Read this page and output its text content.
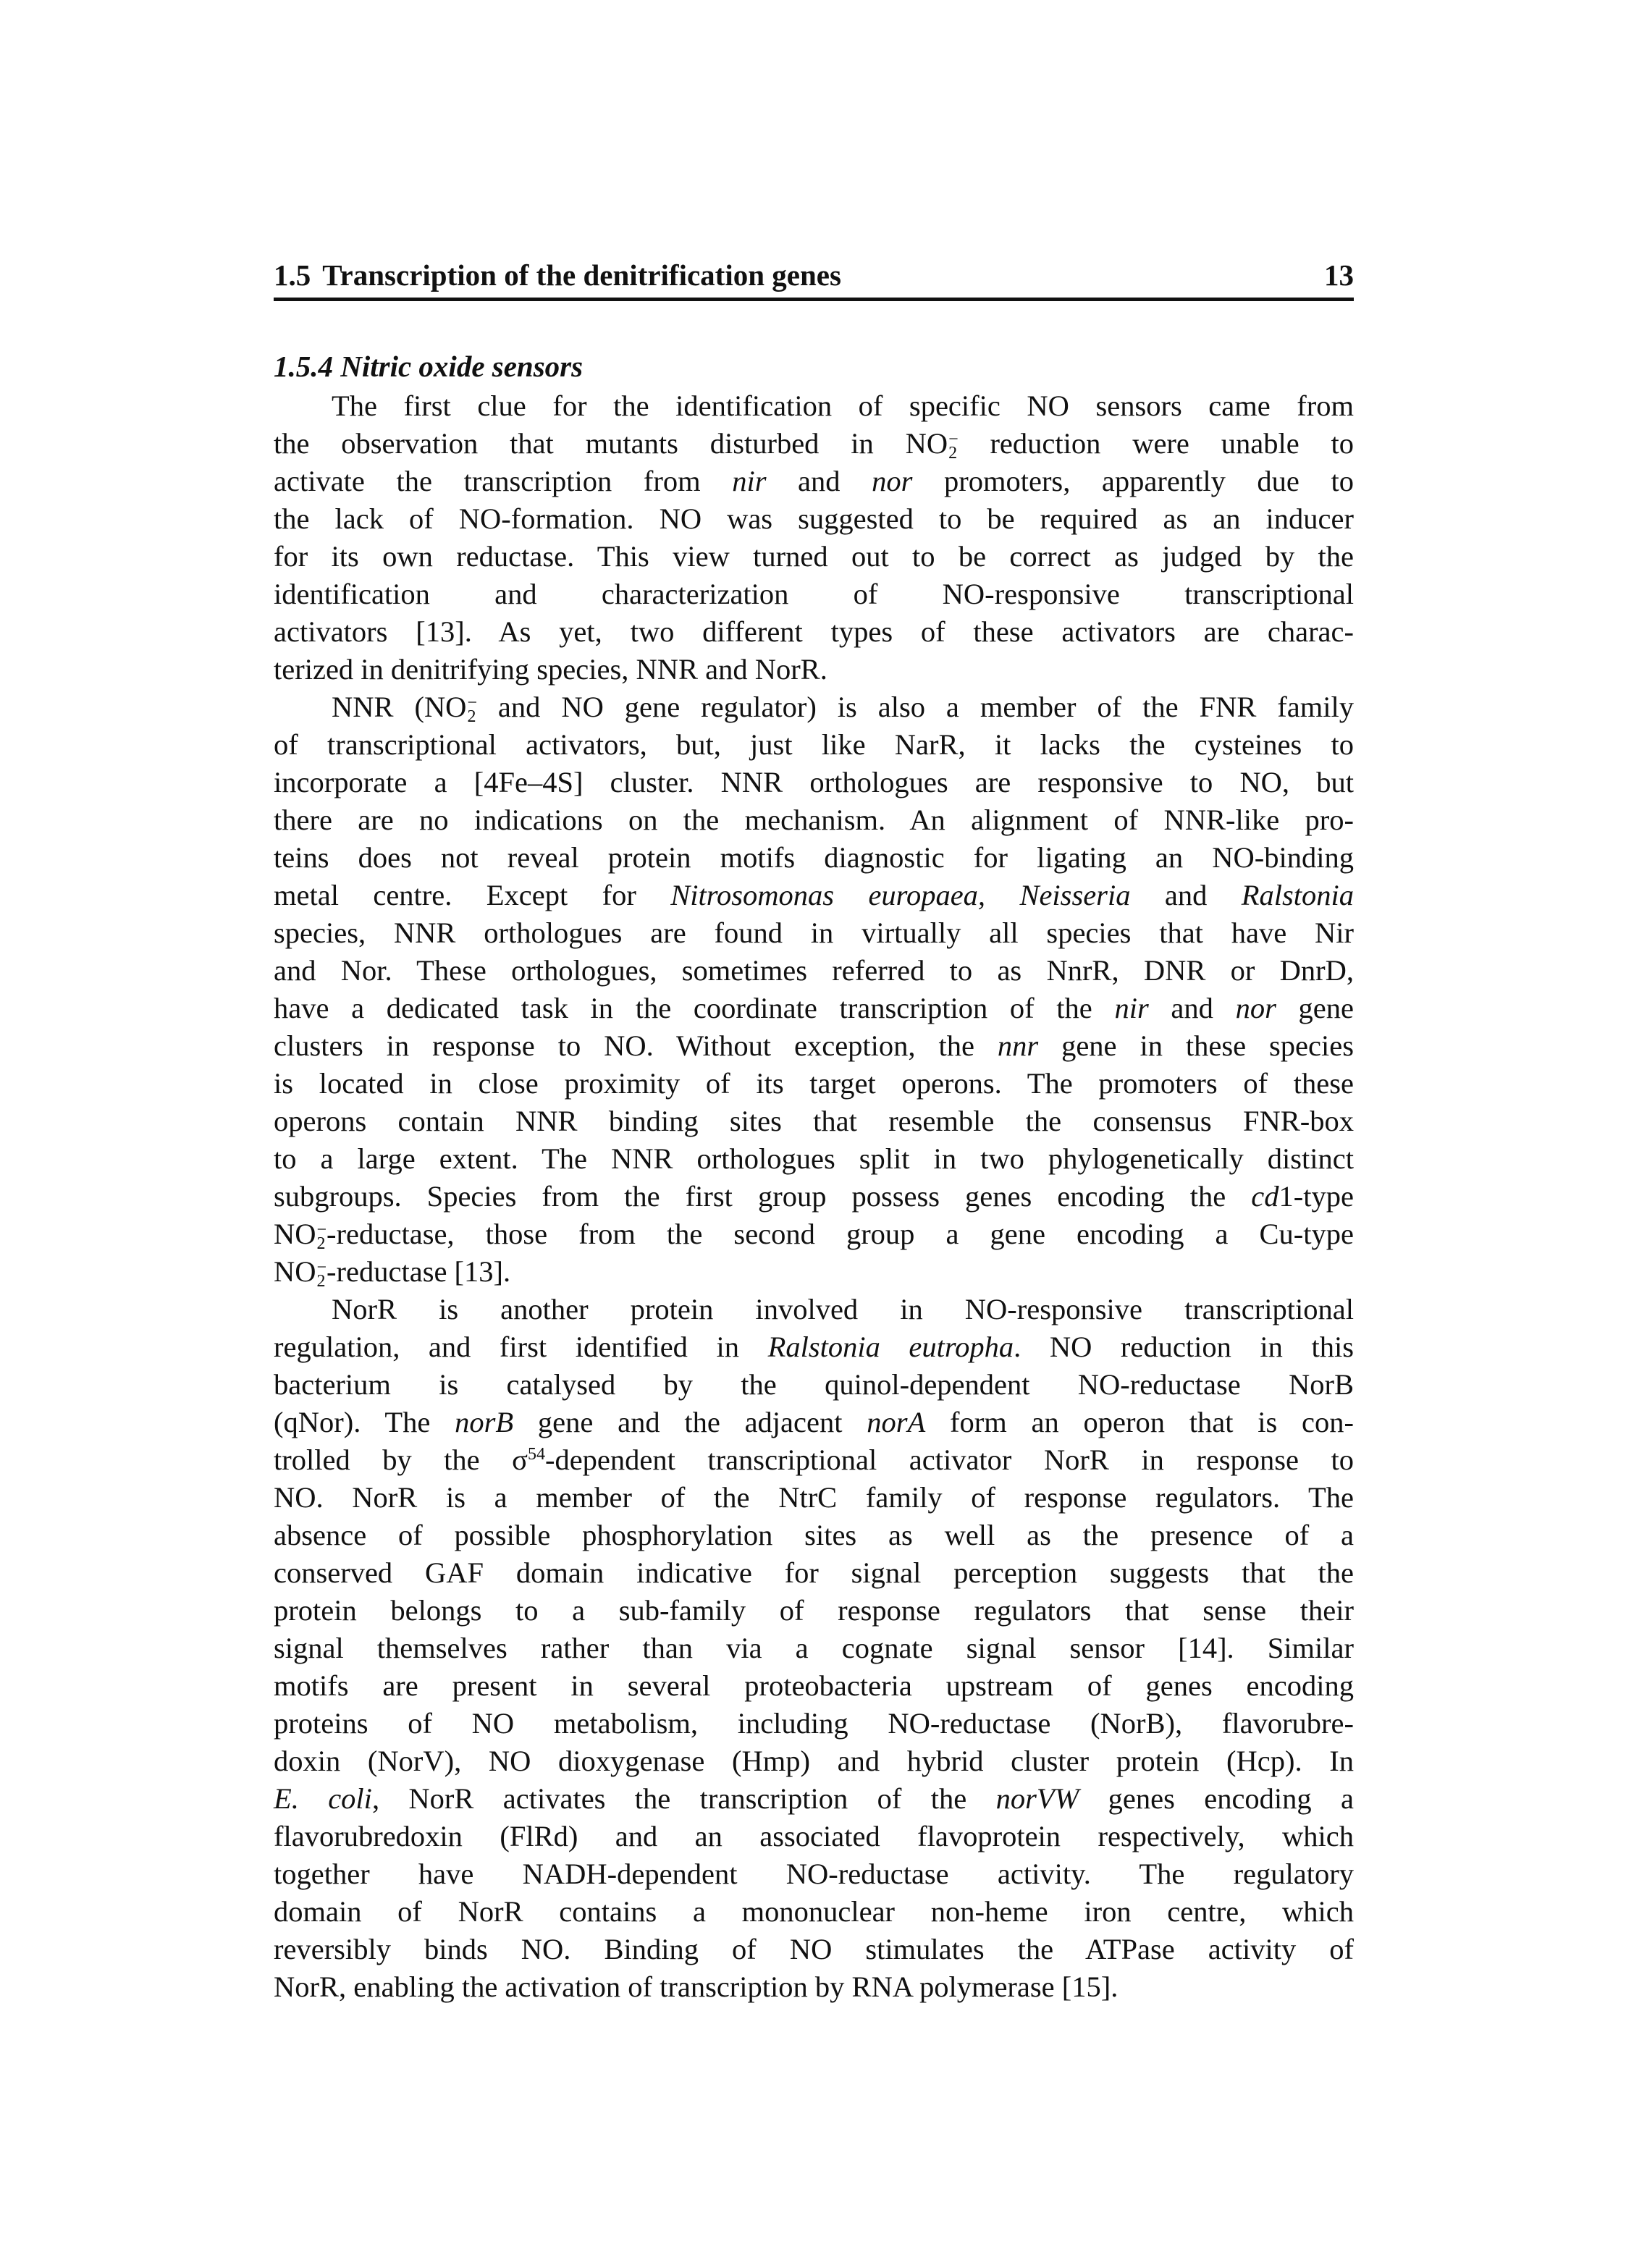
1.5 Transcription of the denitrification genes	13
1.5.4 Nitric oxide sensors
The first clue for the identification of specific NO sensors came from
the observation that mutants disturbed in NO −
2 reduction were unable to
activate the transcription from nir and nor promoters, apparently due to
the lack of NO-formation. NO was suggested to be required as an inducer
for its own reductase. This view turned out to be correct as judged by the
identification and characterization of NO-responsive transcriptional
activators [13]. As yet, two different types of these activators are charac-
terized in denitrifying species, NNR and NorR.
NNR (NO −
2 and NO gene regulator) is also a member of the FNR family
of transcriptional activators, but, just like NarR, it lacks the cysteines to
incorporate a [4Fe–4S] cluster. NNR orthologues are responsive to NO, but
there are no indications on the mechanism. An alignment of NNR-like pro-
teins does not reveal protein motifs diagnostic for ligating an NO-binding
metal centre. Except for Nitrosomonas europaea, Neisseria and Ralstonia
species, NNR orthologues are found in virtually all species that have Nir
and Nor. These orthologues, sometimes referred to as NnrR, DNR or DnrD,
have a dedicated task in the coordinate transcription of the nir and nor gene
clusters in response to NO. Without exception, the nnr gene in these species
is located in close proximity of its target operons. The promoters of these
operons contain NNR binding sites that resemble the consensus FNR-box
to a large extent. The NNR orthologues split in two phylogenetically distinct
subgroups. Species from the first group possess genes encoding the cd1-type
NO −
2 -reductase, those from the second group a gene encoding a Cu-type
NO −
2 -reductase [13].
NorR is another protein involved in NO-responsive transcriptional
regulation, and first identified in Ralstonia eutropha. NO reduction in this
bacterium is catalysed by the quinol-dependent NO-reductase NorB
(qNor). The norB gene and the adjacent norA form an operon that is con-
trolled by the $\sigma^{54}$-dependent transcriptional activator NorR in response to
NO. NorR is a member of the NtrC family of response regulators. The
absence of possible phosphorylation sites as well as the presence of a
conserved GAF domain indicative for signal perception suggests that the
protein belongs to a sub-family of response regulators that sense their
signal themselves rather than via a cognate signal sensor [14]. Similar
motifs are present in several proteobacteria upstream of genes encoding
proteins of NO metabolism, including NO-reductase (NorB), flavorubre-
doxin (NorV), NO dioxygenase (Hmp) and hybrid cluster protein (Hcp). In
E. coli, NorR activates the transcription of the norVW genes encoding a
flavorubredoxin (FlRd) and an associated flavoprotein respectively, which
together have NADH-dependent NO-reductase activity. The regulatory
domain of NorR contains a mononuclear non-heme iron centre, which
reversibly binds NO. Binding of NO stimulates the ATPase activity of
NorR, enabling the activation of transcription by RNA polymerase [15].
